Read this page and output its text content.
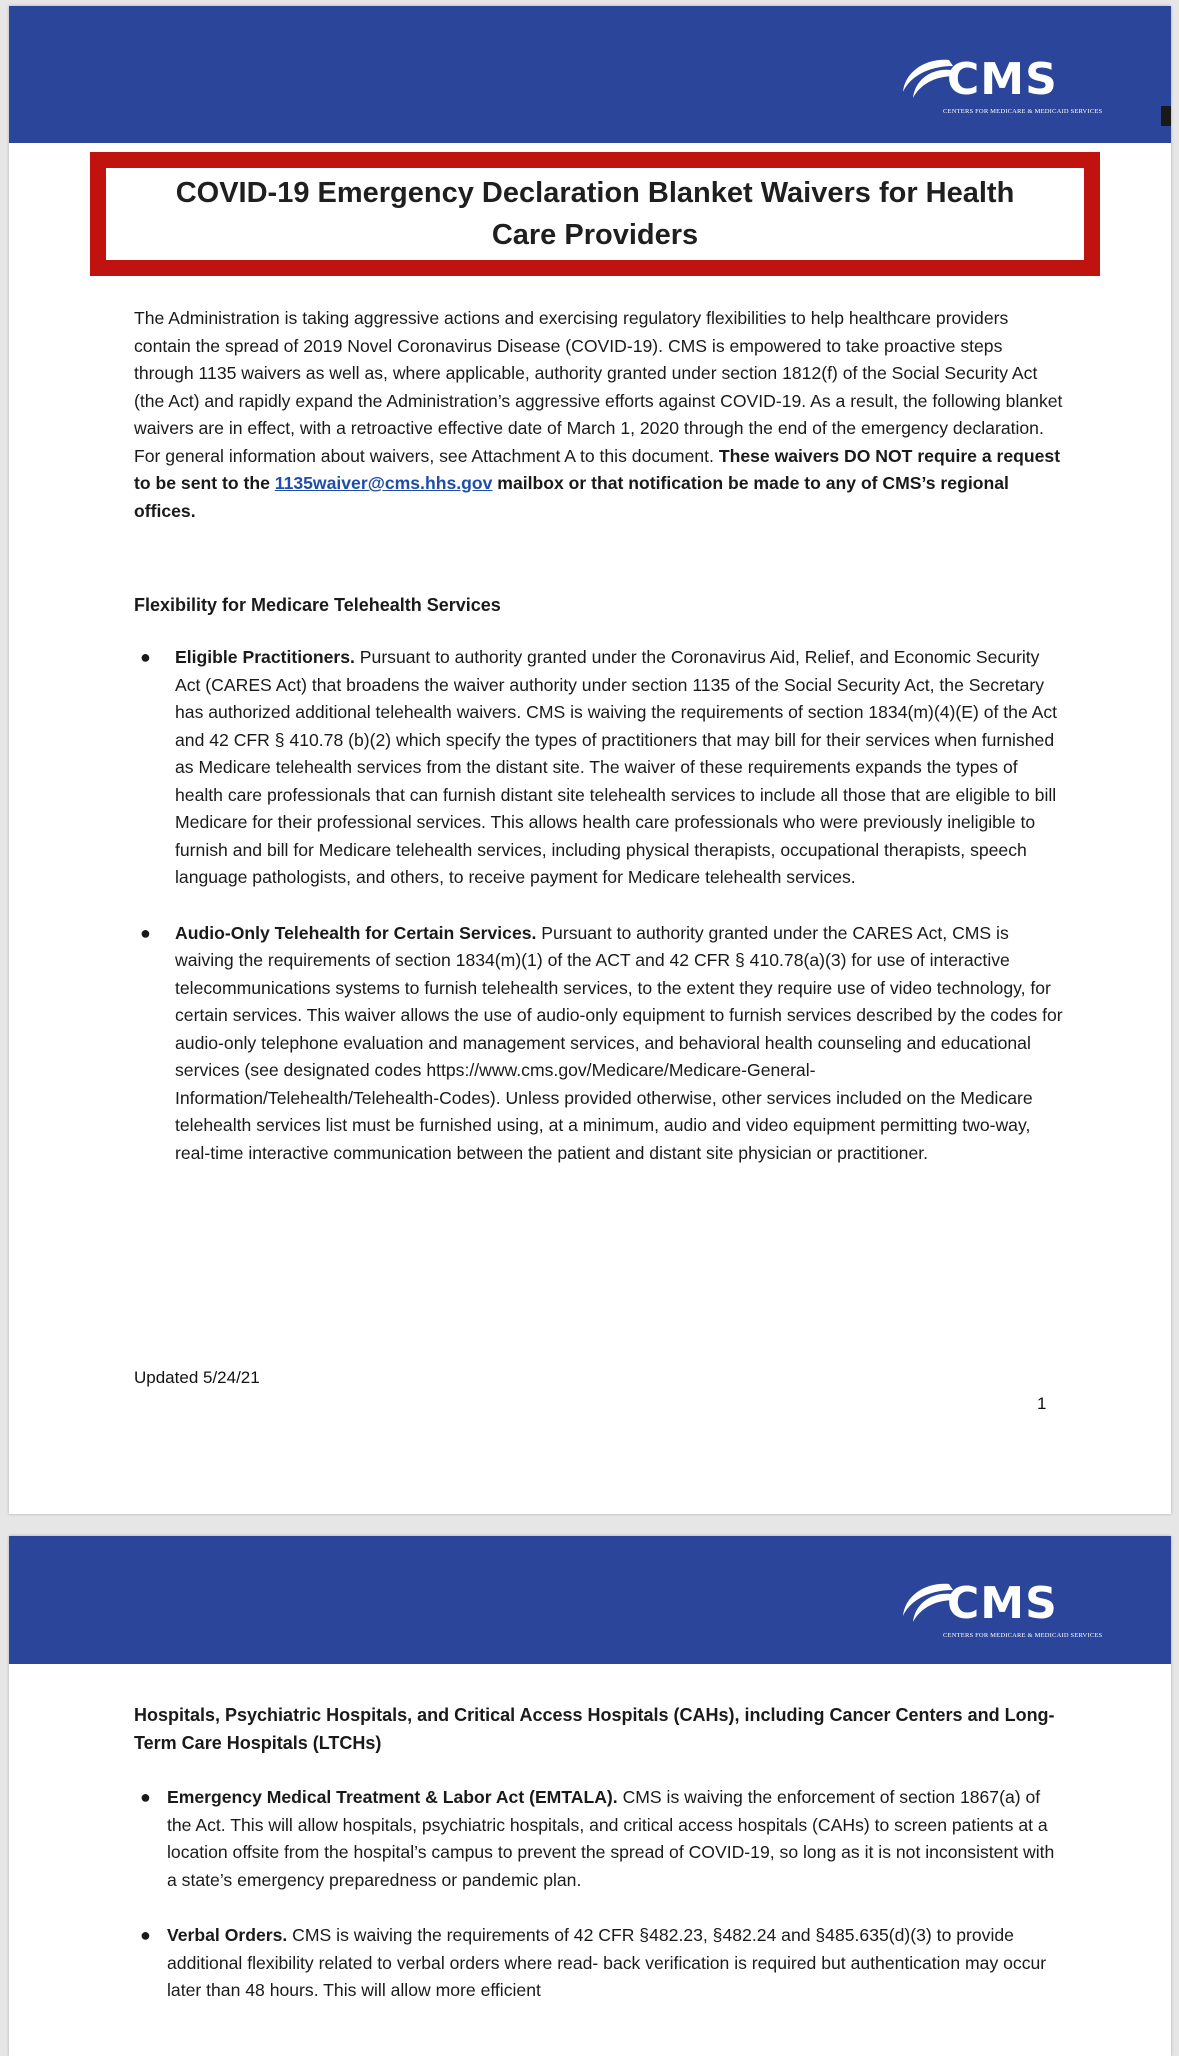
CMS
CENTERS FOR MEDICARE & MEDICAID SERVICES
COVID-19 Emergency Declaration Blanket Waivers for Health Care Providers

The Administration is taking aggressive actions and exercising regulatory flexibilities to help healthcare providers contain the spread of 2019 Novel Coronavirus Disease (COVID-19). CMS is empowered to take proactive steps through 1135 waivers as well as, where applicable, authority granted under section 1812(f) of the Social Security Act (the Act) and rapidly expand the Administration’s aggressive efforts against COVID-19. As a result, the following blanket waivers are in effect, with a retroactive effective date of March 1, 2020 through the end of the emergency declaration. For general information about waivers, see Attachment A to this document. These waivers DO NOT require a request to be sent to the 1135waiver@cms.hhs.gov mailbox or that notification be made to any of CMS’s regional offices.

Flexibility for Medicare Telehealth Services
● Eligible Practitioners. Pursuant to authority granted under the Coronavirus Aid, Relief, and Economic Security Act (CARES Act) that broadens the waiver authority under section 1135 of the Social Security Act, the Secretary has authorized additional telehealth waivers. CMS is waiving the requirements of section 1834(m)(4)(E) of the Act and 42 CFR § 410.78 (b)(2) which specify the types of practitioners that may bill for their services when furnished as Medicare telehealth services from the distant site. The waiver of these requirements expands the types of health care professionals that can furnish distant site telehealth services to include all those that are eligible to bill Medicare for their professional services. This allows health care professionals who were previously ineligible to furnish and bill for Medicare telehealth services, including physical therapists, occupational therapists, speech language pathologists, and others, to receive payment for Medicare telehealth services.
● Audio-Only Telehealth for Certain Services. Pursuant to authority granted under the CARES Act, CMS is waiving the requirements of section 1834(m)(1) of the ACT and 42 CFR § 410.78(a)(3) for use of interactive telecommunications systems to furnish telehealth services, to the extent they require use of video technology, for certain services. This waiver allows the use of audio-only equipment to furnish services described by the codes for audio-only telephone evaluation and management services, and behavioral health counseling and educational services (see designated codes https://www.cms.gov/Medicare/Medicare-General-Information/Telehealth/Telehealth-Codes). Unless provided otherwise, other services included on the Medicare telehealth services list must be furnished using, at a minimum, audio and video equipment permitting two-way, real-time interactive communication between the patient and distant site physician or practitioner.
Updated 5/24/21
1
CMS
CENTERS FOR MEDICARE & MEDICAID SERVICES
Hospitals, Psychiatric Hospitals, and Critical Access Hospitals (CAHs), including Cancer Centers and Long-Term Care Hospitals (LTCHs)
● Emergency Medical Treatment & Labor Act (EMTALA). CMS is waiving the enforcement of section 1867(a) of the Act. This will allow hospitals, psychiatric hospitals, and critical access hospitals (CAHs) to screen patients at a location offsite from the hospital’s campus to prevent the spread of COVID-19, so long as it is not inconsistent with a state’s emergency preparedness or pandemic plan.
● Verbal Orders. CMS is waiving the requirements of 42 CFR §482.23, §482.24 and §485.635(d)(3) to provide additional flexibility related to verbal orders where read- back verification is required but authentication may occur later than 48 hours. This will allow more efficient
